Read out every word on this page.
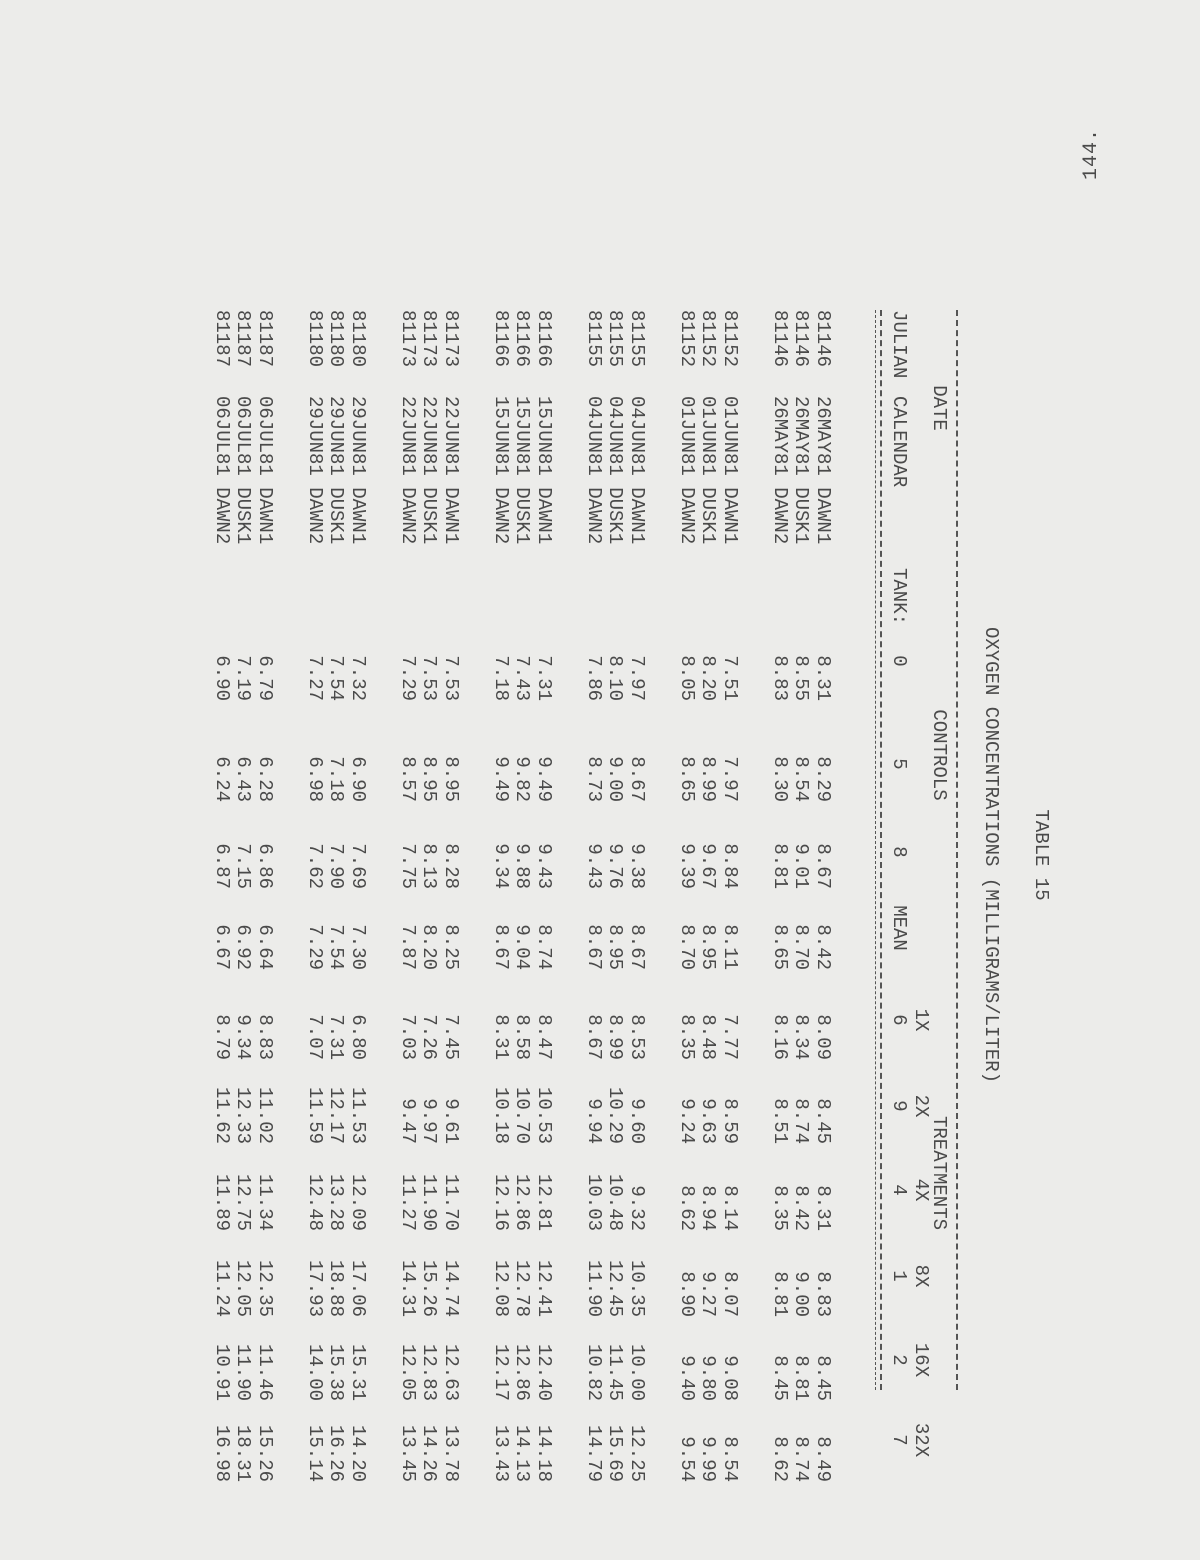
144.
TABLE 15
OXYGEN CONCENTRATIONS (MILLIGRAMS/LITER)
DATE
CONTROLS
TREATMENTS
JULIAN
CALENDAR
TANK:
0
5
8
MEAN
1X
6
2X
9
4X
4
8X
1
16X
2
32X
7
81146
26MAY81 DAWN1
8.31
8.29
8.67
8.42
8.09
8.45
8.31
8.83
8.45
8.49
81146
26MAY81 DUSK1
8.55
8.54
9.01
8.70
8.34
8.74
8.42
9.00
8.81
8.74
81146
26MAY81 DAWN2
8.83
8.30
8.81
8.65
8.16
8.51
8.35
8.81
8.45
8.62
81152
01JUN81 DAWN1
7.51
7.97
8.84
8.11
7.77
8.59
8.14
8.07
9.08
8.54
81152
01JUN81 DUSK1
8.20
8.99
9.67
8.95
8.48
9.63
8.94
9.27
9.80
9.99
81152
01JUN81 DAWN2
8.05
8.65
9.39
8.70
8.35
9.24
8.62
8.90
9.40
9.54
81155
04JUN81 DAWN1
7.97
8.67
9.38
8.67
8.53
9.60
9.32
10.35
10.00
12.25
81155
04JUN81 DUSK1
8.10
9.00
9.76
8.95
8.99
10.29
10.48
12.45
11.45
15.69
81155
04JUN81 DAWN2
7.86
8.73
9.43
8.67
8.67
9.94
10.03
11.90
10.82
14.79
81166
15JUN81 DAWN1
7.31
9.49
9.43
8.74
8.47
10.53
12.81
12.41
12.40
14.18
81166
15JUN81 DUSK1
7.43
9.82
9.88
9.04
8.58
10.70
12.86
12.78
12.86
14.13
81166
15JUN81 DAWN2
7.18
9.49
9.34
8.67
8.31
10.18
12.16
12.08
12.17
13.43
81173
22JUN81 DAWN1
7.53
8.95
8.28
8.25
7.45
9.61
11.70
14.74
12.63
13.78
81173
22JUN81 DUSK1
7.53
8.95
8.13
8.20
7.26
9.97
11.90
15.26
12.83
14.26
81173
22JUN81 DAWN2
7.29
8.57
7.75
7.87
7.03
9.47
11.27
14.31
12.05
13.45
81180
29JUN81 DAWN1
7.32
6.90
7.69
7.30
6.80
11.53
12.09
17.06
15.31
14.20
81180
29JUN81 DUSK1
7.54
7.18
7.90
7.54
7.31
12.17
13.28
18.88
15.38
16.26
81180
29JUN81 DAWN2
7.27
6.98
7.62
7.29
7.07
11.59
12.48
17.93
14.00
15.14
81187
06JUL81 DAWN1
6.79
6.28
6.86
6.64
8.83
11.02
11.34
12.35
11.46
15.26
81187
06JUL81 DUSK1
7.19
6.43
7.15
6.92
9.34
12.33
12.75
12.05
11.90
18.31
81187
06JUL81 DAWN2
6.90
6.24
6.87
6.67
8.79
11.62
11.89
11.24
10.91
16.98
